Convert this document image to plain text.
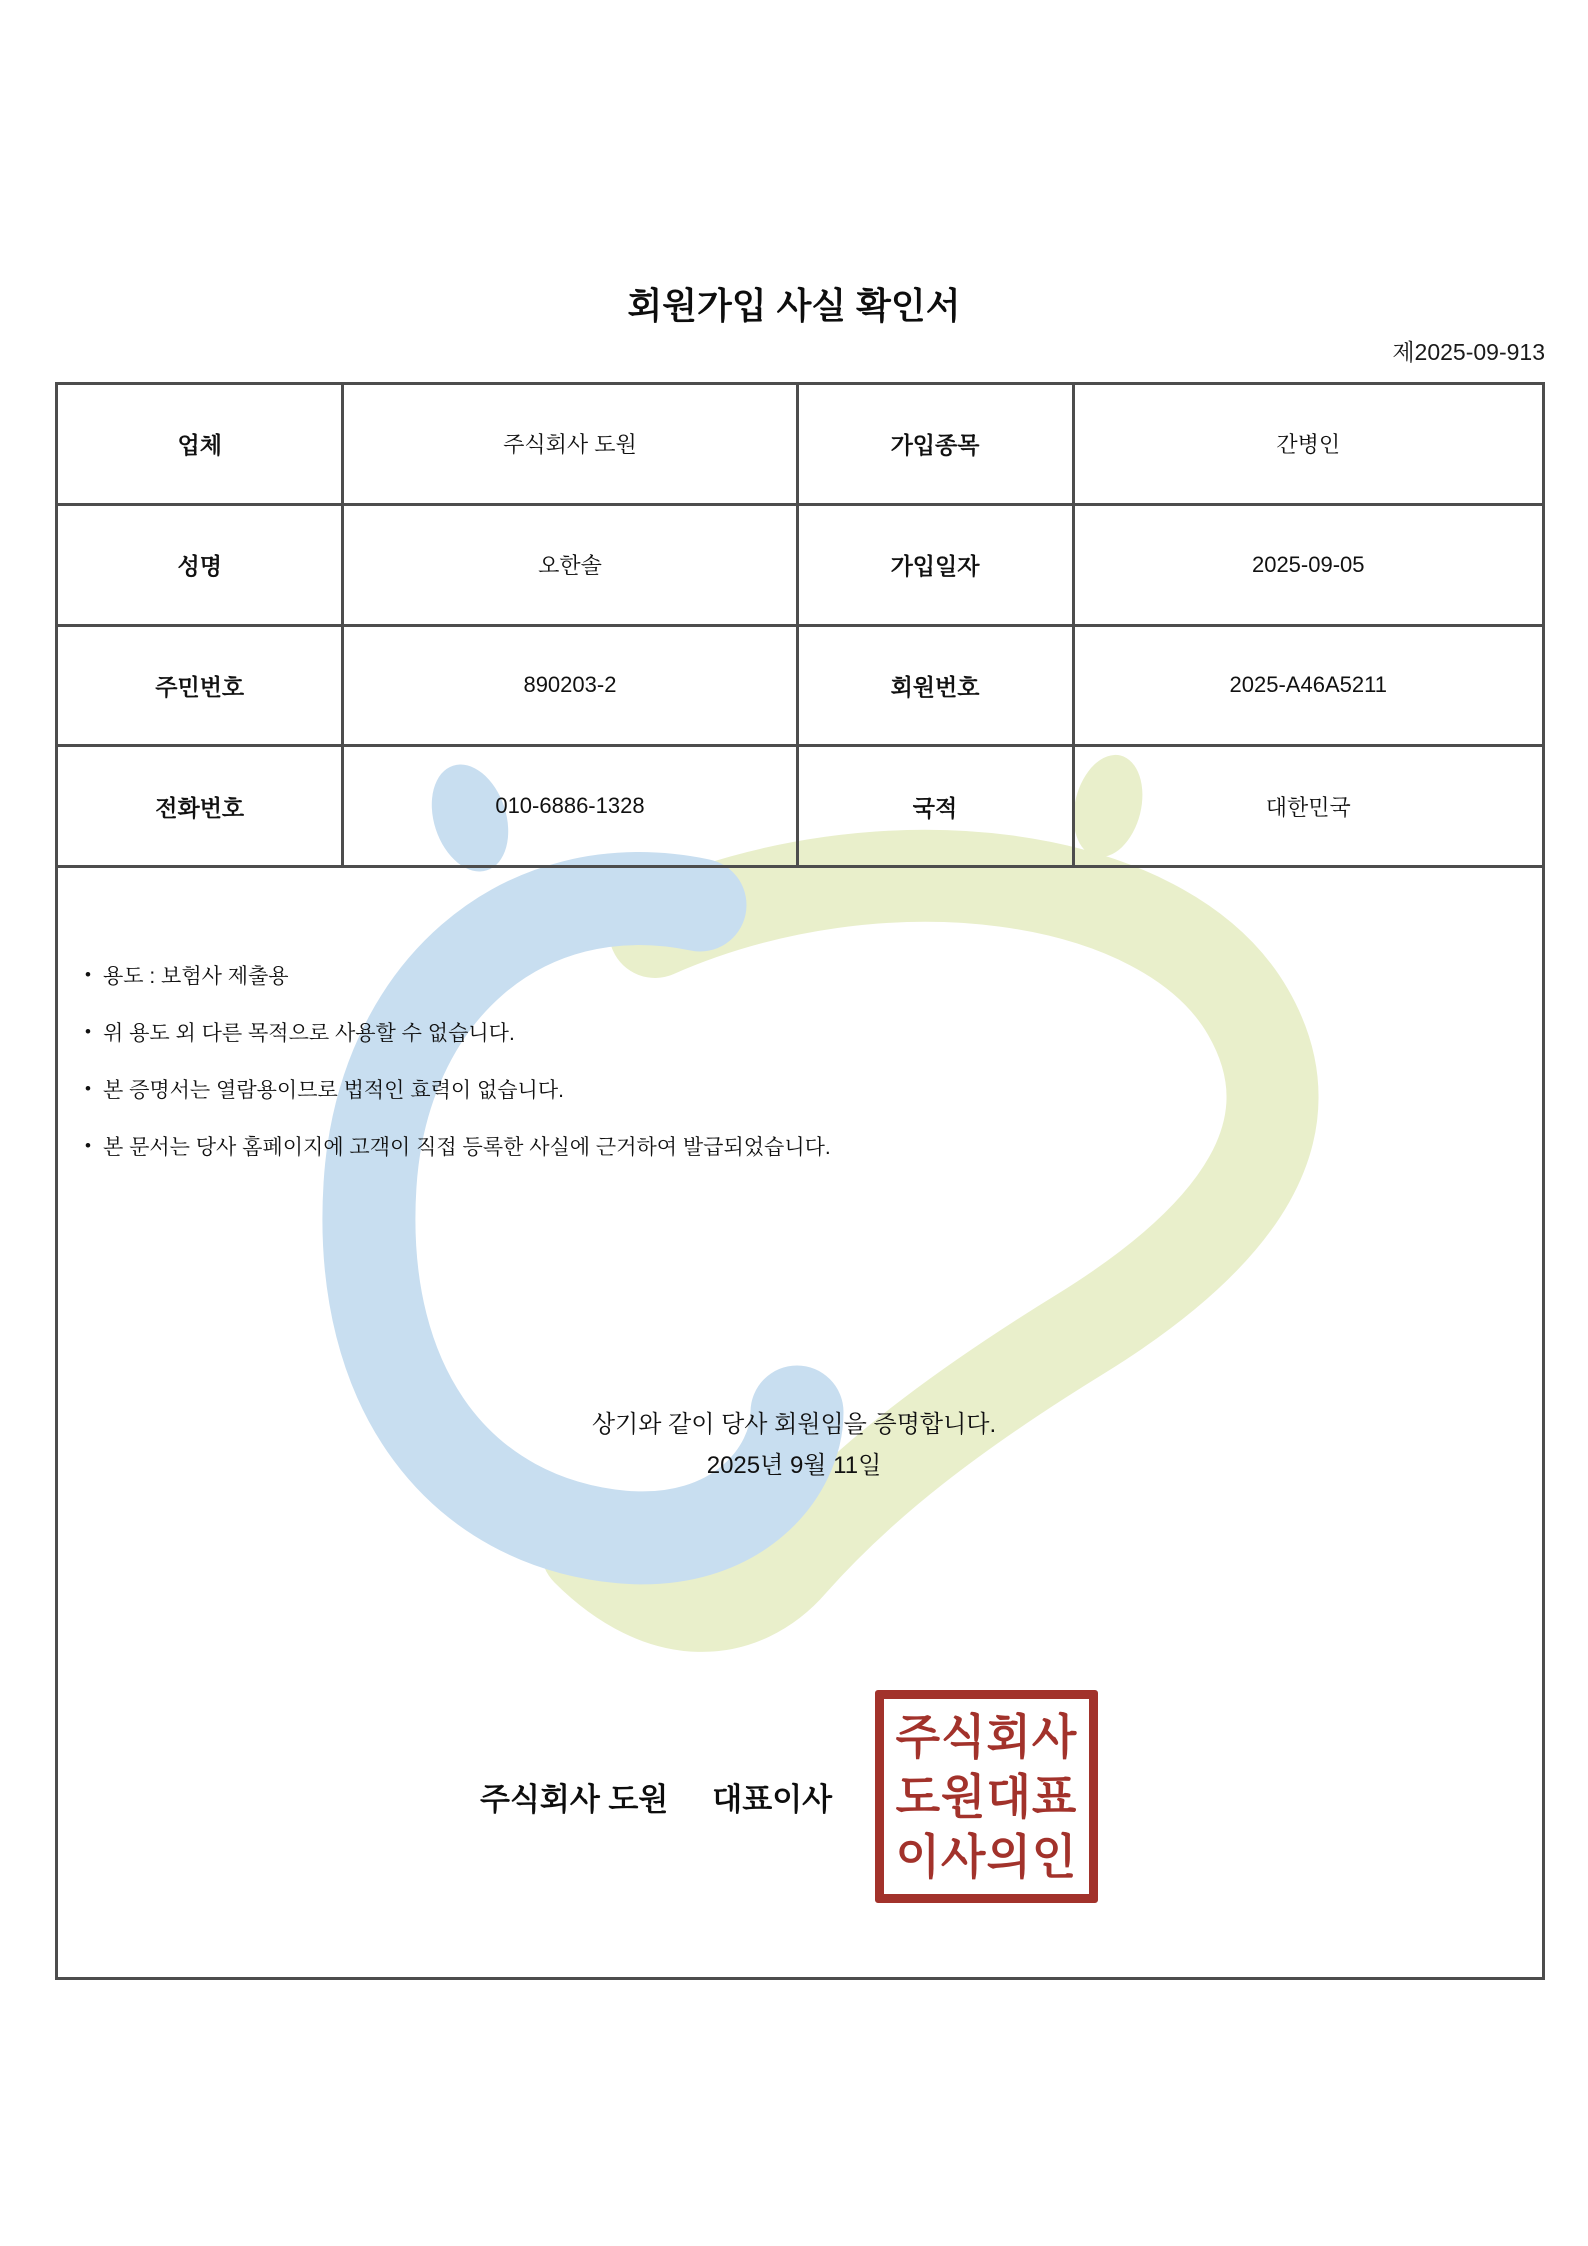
회원가입 사실 확인서
제2025-09-913
업체	주식회사 도원	가입종목	간병인
성명	오한솔	가입일자	2025-09-05
주민번호	890203-2	회원번호	2025-A46A5211
전화번호	010-6886-1328	국적	대한민국
• 용도 : 보험사 제출용
• 위 용도 외 다른 목적으로 사용할 수 없습니다.
• 본 증명서는 열람용이므로 법적인 효력이 없습니다.
• 본 문서는 당사 홈페이지에 고객이 직접 등록한 사실에 근거하여 발급되었습니다.
상기와 같이 당사 회원임을 증명합니다.
2025년 9월 11일
주식회사 도원 대표이사
주식회사
도원대표
이사의인
